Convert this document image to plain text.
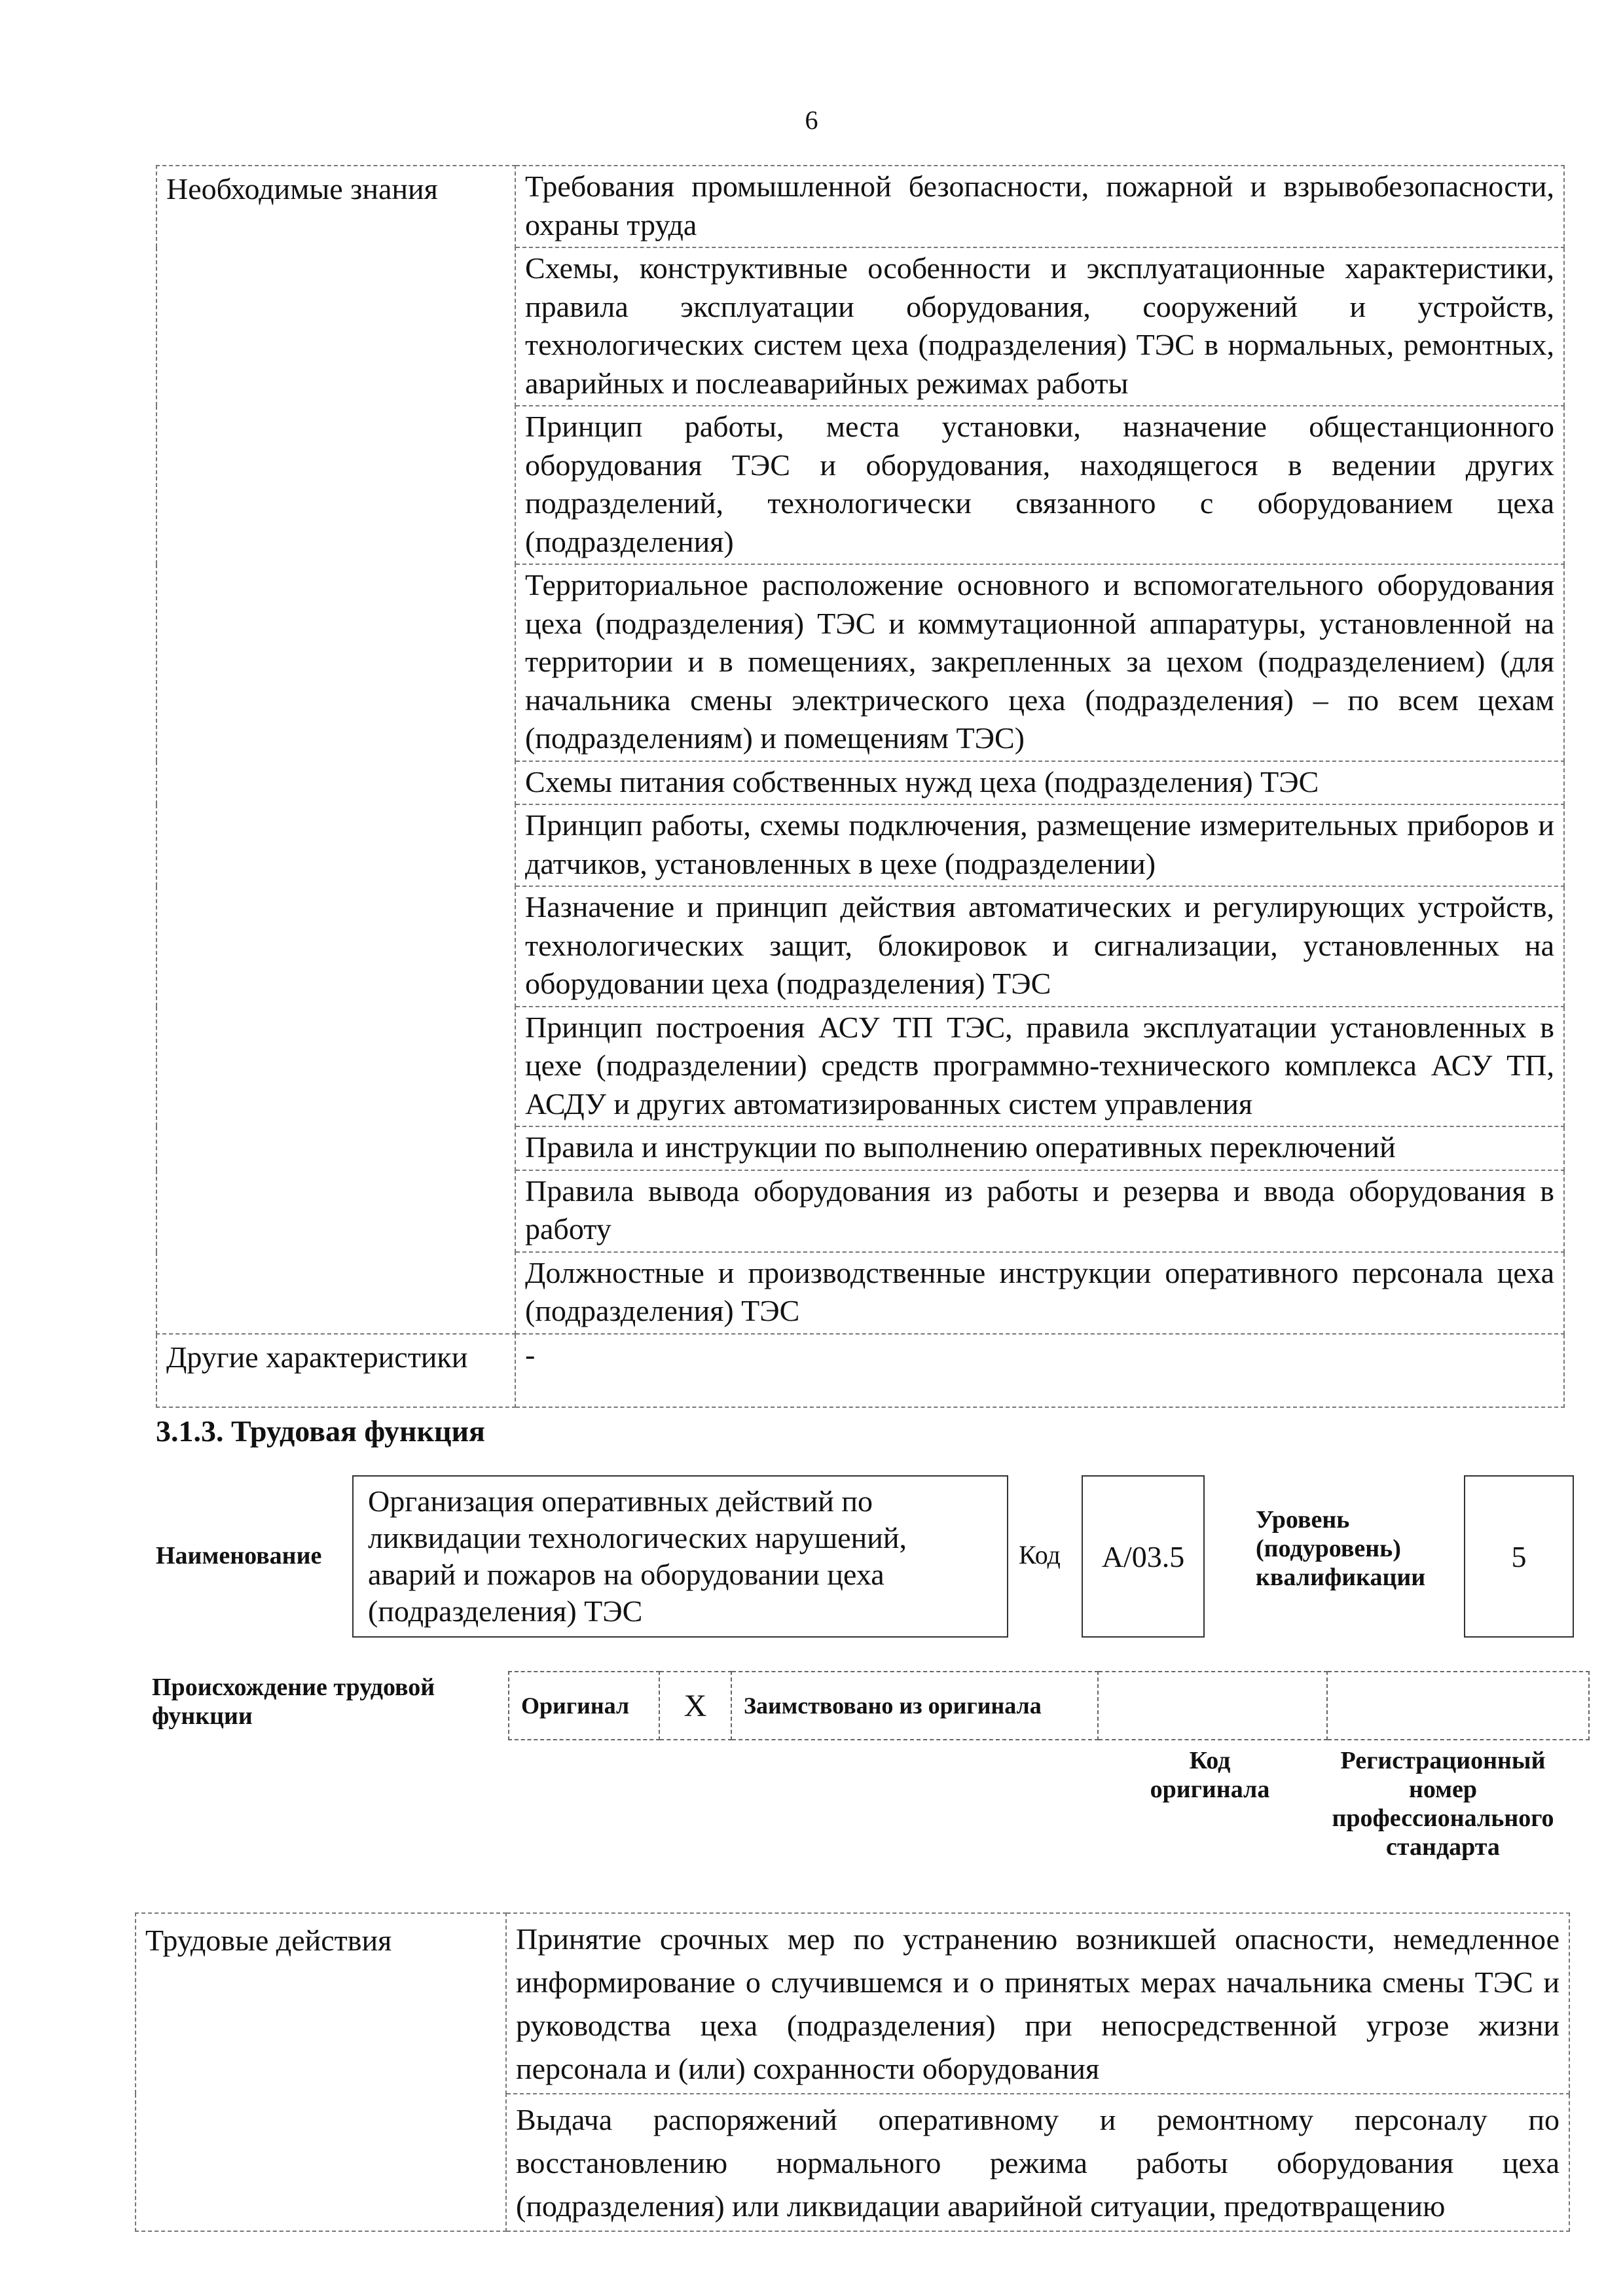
6
Необходимые знания	Требования промышленной безопасности, пожарной и взрывобезопасности, охраны труда
	Схемы, конструктивные особенности и эксплуатационные характеристики, правила эксплуатации оборудования, сооружений и устройств, технологических систем цеха (подразделения) ТЭС в нормальных, ремонтных, аварийных и послеаварийных режимах работы
	Принцип работы, места установки, назначение общестанционного оборудования ТЭС и оборудования, находящегося в ведении других подразделений, технологически связанного с оборудованием цеха (подразделения)
	Территориальное расположение основного и вспомогательного оборудования цеха (подразделения) ТЭС и коммутационной аппаратуры, установленной на территории и в помещениях, закрепленных за цехом (подразделением) (для начальника смены электрического цеха (подразделения) – по всем цехам (подразделениям) и помещениям ТЭС)
	Схемы питания собственных нужд цеха (подразделения) ТЭС
	Принцип работы, схемы подключения, размещение измерительных приборов и датчиков, установленных в цехе (подразделении)
	Назначение и принцип действия автоматических и регулирующих устройств, технологических защит, блокировок и сигнализации, установленных на оборудовании цеха (подразделения) ТЭС
	Принцип построения АСУ ТП ТЭС, правила эксплуатации установленных в цехе (подразделении) средств программно-технического комплекса АСУ ТП, АСДУ и других автоматизированных систем управления
	Правила и инструкции по выполнению оперативных переключений
	Правила вывода оборудования из работы и резерва и ввода оборудования в работу
	Должностные и производственные инструкции оперативного персонала цеха (подразделения) ТЭС
Другие характеристики	-
3.1.3. Трудовая функция
Наименование
Организация оперативных действий по ликвидации технологических нарушений, аварий и пожаров на оборудовании цеха (подразделения) ТЭС
Код	А/03.5
Уровень (подуровень) квалификации
5
Происхождение трудовой функции	Оригинал	X	Заимствовано из оригинала		
Код оригинала
Регистрационный номер профессионального стандарта
Трудовые действия	Принятие срочных мер по устранению возникшей опасности, немедленное информирование о случившемся и о принятых мерах начальника смены ТЭС и руководства цеха (подразделения) при непосредственной угрозе жизни персонала и (или) сохранности оборудования
Выдача распоряжений оперативному и ремонтному персоналу по восстановлению нормального режима работы оборудования цеха (подразделения) или ликвидации аварийной ситуации, предотвращению
